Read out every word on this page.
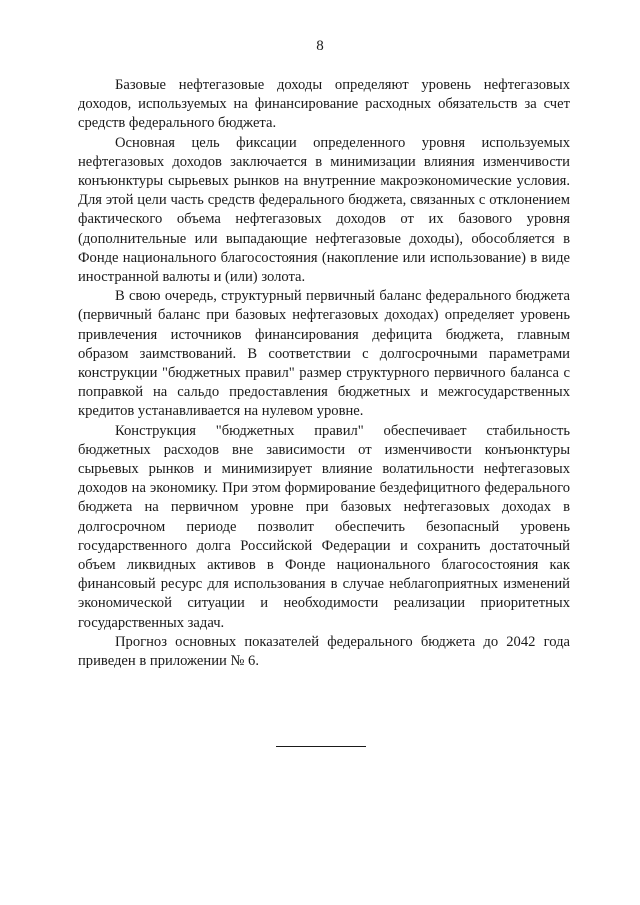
8

Базовые нефтегазовые доходы определяют уровень нефтегазовых доходов, используемых на финансирование расходных обязательств за счет средств федерального бюджета.

Основная цель фиксации определенного уровня используемых нефтегазовых доходов заключается в минимизации влияния изменчивости конъюнктуры сырьевых рынков на внутренние макроэкономические условия. Для этой цели часть средств федерального бюджета, связанных с отклонением фактического объема нефтегазовых доходов от их базового уровня (дополнительные или выпадающие нефтегазовые доходы), обособляется в Фонде национального благосостояния (накопление или использование) в виде иностранной валюты и (или) золота.

В свою очередь, структурный первичный баланс федерального бюджета (первичный баланс при базовых нефтегазовых доходах) определяет уровень привлечения источников финансирования дефицита бюджета, главным образом заимствований. В соответствии с долгосрочными параметрами конструкции "бюджетных правил" размер структурного первичного баланса с поправкой на сальдо предоставления бюджетных и межгосударственных кредитов устанавливается на нулевом уровне.

Конструкция "бюджетных правил" обеспечивает стабильность бюджетных расходов вне зависимости от изменчивости конъюнктуры сырьевых рынков и минимизирует влияние волатильности нефтегазовых доходов на экономику. При этом формирование бездефицитного федерального бюджета на первичном уровне при базовых нефтегазовых доходах в долгосрочном периоде позволит обеспечить безопасный уровень государственного долга Российской Федерации и сохранить достаточный объем ликвидных активов в Фонде национального благосостояния как финансовый ресурс для использования в случае неблагоприятных изменений экономической ситуации и необходимости реализации приоритетных государственных задач.

Прогноз основных показателей федерального бюджета до 2042 года приведен в приложении № 6.
